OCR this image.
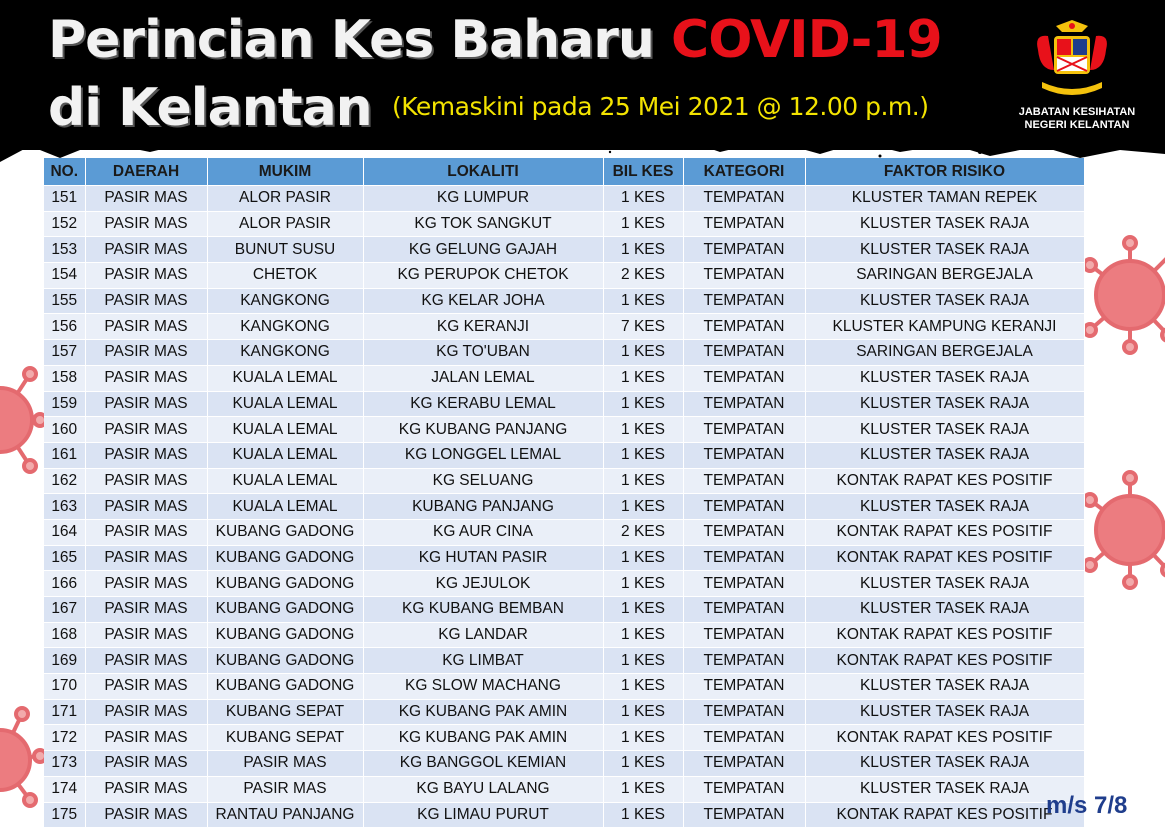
Perincian Kes Baharu COVID-19
di Kelantan (Kemaskini pada 25 Mei 2021 @ 12.00 p.m.)	JABATAN KESIHATAN
NEGERI KELANTAN
NO.	DAERAH	MUKIM	LOKALITI	BIL KES	KATEGORI	FAKTOR RISIKO
151	PASIR MAS	ALOR PASIR	KG LUMPUR	1 KES	TEMPATAN	KLUSTER TAMAN REPEK
152	PASIR MAS	ALOR PASIR	KG TOK SANGKUT	1 KES	TEMPATAN	KLUSTER TASEK RAJA
153	PASIR MAS	BUNUT SUSU	KG GELUNG GAJAH	1 KES	TEMPATAN	KLUSTER TASEK RAJA
154	PASIR MAS	CHETOK	KG PERUPOK CHETOK	2 KES	TEMPATAN	SARINGAN BERGEJALA
155	PASIR MAS	KANGKONG	KG KELAR JOHA	1 KES	TEMPATAN	KLUSTER TASEK RAJA
156	PASIR MAS	KANGKONG	KG KERANJI	7 KES	TEMPATAN	KLUSTER KAMPUNG KERANJI
157	PASIR MAS	KANGKONG	KG TO'UBAN	1 KES	TEMPATAN	SARINGAN BERGEJALA
158	PASIR MAS	KUALA LEMAL	JALAN LEMAL	1 KES	TEMPATAN	KLUSTER TASEK RAJA
159	PASIR MAS	KUALA LEMAL	KG KERABU LEMAL	1 KES	TEMPATAN	KLUSTER TASEK RAJA
160	PASIR MAS	KUALA LEMAL	KG KUBANG PANJANG	1 KES	TEMPATAN	KLUSTER TASEK RAJA
161	PASIR MAS	KUALA LEMAL	KG LONGGEL LEMAL	1 KES	TEMPATAN	KLUSTER TASEK RAJA
162	PASIR MAS	KUALA LEMAL	KG SELUANG	1 KES	TEMPATAN	KONTAK RAPAT KES POSITIF
163	PASIR MAS	KUALA LEMAL	KUBANG PANJANG	1 KES	TEMPATAN	KLUSTER TASEK RAJA
164	PASIR MAS	KUBANG GADONG	KG AUR CINA	2 KES	TEMPATAN	KONTAK RAPAT KES POSITIF
165	PASIR MAS	KUBANG GADONG	KG HUTAN PASIR	1 KES	TEMPATAN	KONTAK RAPAT KES POSITIF
166	PASIR MAS	KUBANG GADONG	KG JEJULOK	1 KES	TEMPATAN	KLUSTER TASEK RAJA
167	PASIR MAS	KUBANG GADONG	KG KUBANG BEMBAN	1 KES	TEMPATAN	KLUSTER TASEK RAJA
168	PASIR MAS	KUBANG GADONG	KG LANDAR	1 KES	TEMPATAN	KONTAK RAPAT KES POSITIF
169	PASIR MAS	KUBANG GADONG	KG LIMBAT	1 KES	TEMPATAN	KONTAK RAPAT KES POSITIF
170	PASIR MAS	KUBANG GADONG	KG SLOW MACHANG	1 KES	TEMPATAN	KLUSTER TASEK RAJA
171	PASIR MAS	KUBANG SEPAT	KG KUBANG PAK AMIN	1 KES	TEMPATAN	KLUSTER TASEK RAJA
172	PASIR MAS	KUBANG SEPAT	KG KUBANG PAK AMIN	1 KES	TEMPATAN	KONTAK RAPAT KES POSITIF
173	PASIR MAS	PASIR MAS	KG BANGGOL KEMIAN	1 KES	TEMPATAN	KLUSTER TASEK RAJA
174	PASIR MAS	PASIR MAS	KG BAYU LALANG	1 KES	TEMPATAN	KLUSTER TASEK RAJA
175	PASIR MAS	RANTAU PANJANG	KG LIMAU PURUT	1 KES	TEMPATAN	KONTAK RAPAT KES POSITIF
m/s 7/8
